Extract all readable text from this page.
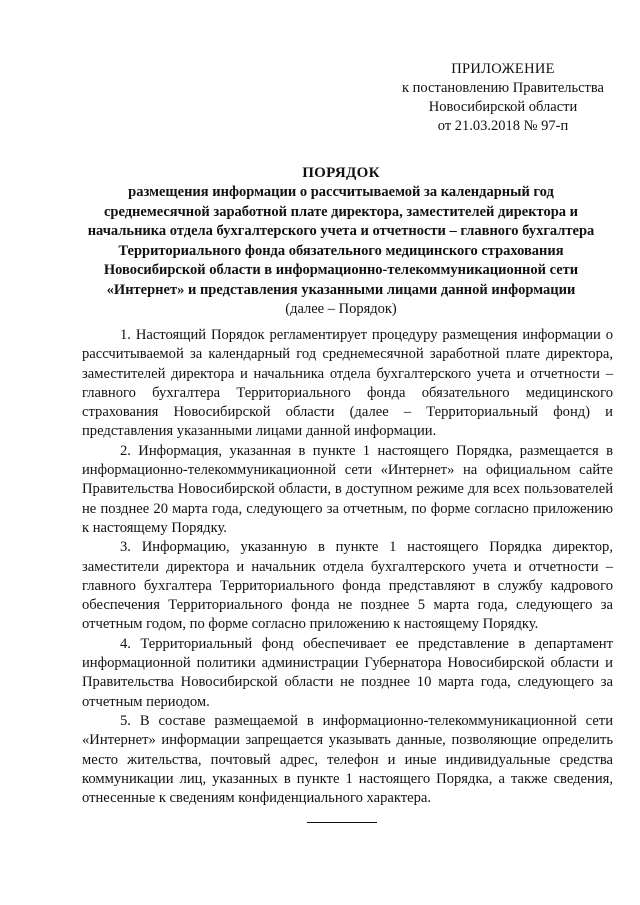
ПРИЛОЖЕНИЕ
к постановлению Правительства
Новосибирской области
от 21.03.2018 № 97-п
ПОРЯДОК
размещения информации о рассчитываемой за календарный год
среднемесячной заработной плате директора, заместителей директора и
начальника отдела бухгалтерского учета и отчетности – главного бухгалтера
Территориального фонда обязательного медицинского страхования
Новосибирской области в информационно-телекоммуникационной сети
«Интернет» и представления указанными лицами данной информации
(далее – Порядок)

1. Настоящий Порядок регламентирует процедуру размещения информации о рассчитываемой за календарный год среднемесячной заработной плате директора, заместителей директора и начальника отдела бухгалтерского учета и отчетности – главного бухгалтера Территориального фонда обязательного медицинского страхования Новосибирской области (далее – Территориальный фонд) и представления указанными лицами данной информации.

2. Информация, указанная в пункте 1 настоящего Порядка, размещается в информационно-телекоммуникационной сети «Интернет» на официальном сайте Правительства Новосибирской области, в доступном режиме для всех пользователей не позднее 20 марта года, следующего за отчетным, по форме согласно приложению к настоящему Порядку.

3. Информацию, указанную в пункте 1 настоящего Порядка директор, заместители директора и начальник отдела бухгалтерского учета и отчетности – главного бухгалтера Территориального фонда представляют в службу кадрового обеспечения Территориального фонда не позднее 5 марта года, следующего за отчетным годом, по форме согласно приложению к настоящему Порядку.

4. Территориальный фонд обеспечивает ее представление в департамент информационной политики администрации Губернатора Новосибирской области и Правительства Новосибирской области не позднее 10 марта года, следующего за отчетным периодом.

5. В составе размещаемой в информационно-телекоммуникационной сети «Интернет» информации запрещается указывать данные, позволяющие определить место жительства, почтовый адрес, телефон и иные индивидуальные средства коммуникации лиц, указанных в пункте 1 настоящего Порядка, а также сведения, отнесенные к сведениям конфиденциального характера.
